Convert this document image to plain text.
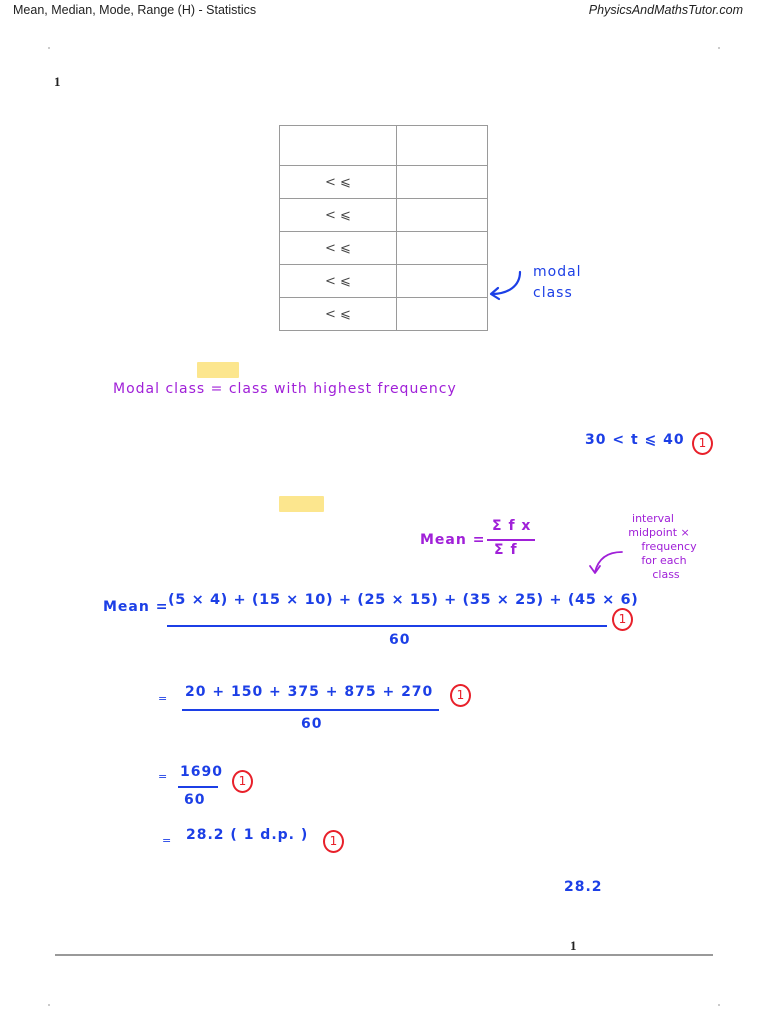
Mean, Median, Mode, Range (H) - Statistics	PhysicsAndMathsTutor.com
1

< ⩽	
< ⩽	
< ⩽	
< ⩽	
< ⩽	
modal
class
Modal class = class with highest frequency
30 < t ⩽ 40	1
Mean =
Σ f x
Σ f
interval
midpoint ×
frequency
for each
class
Mean = (5 × 4) + (15 × 10) + (25 × 15) + (35 × 25) + (45 × 6)
60
1
= 20 + 150 + 375 + 875 + 270
60
1
= 1690
60
1
= 28.2 ( 1 d.p. )	1
28.2
1
